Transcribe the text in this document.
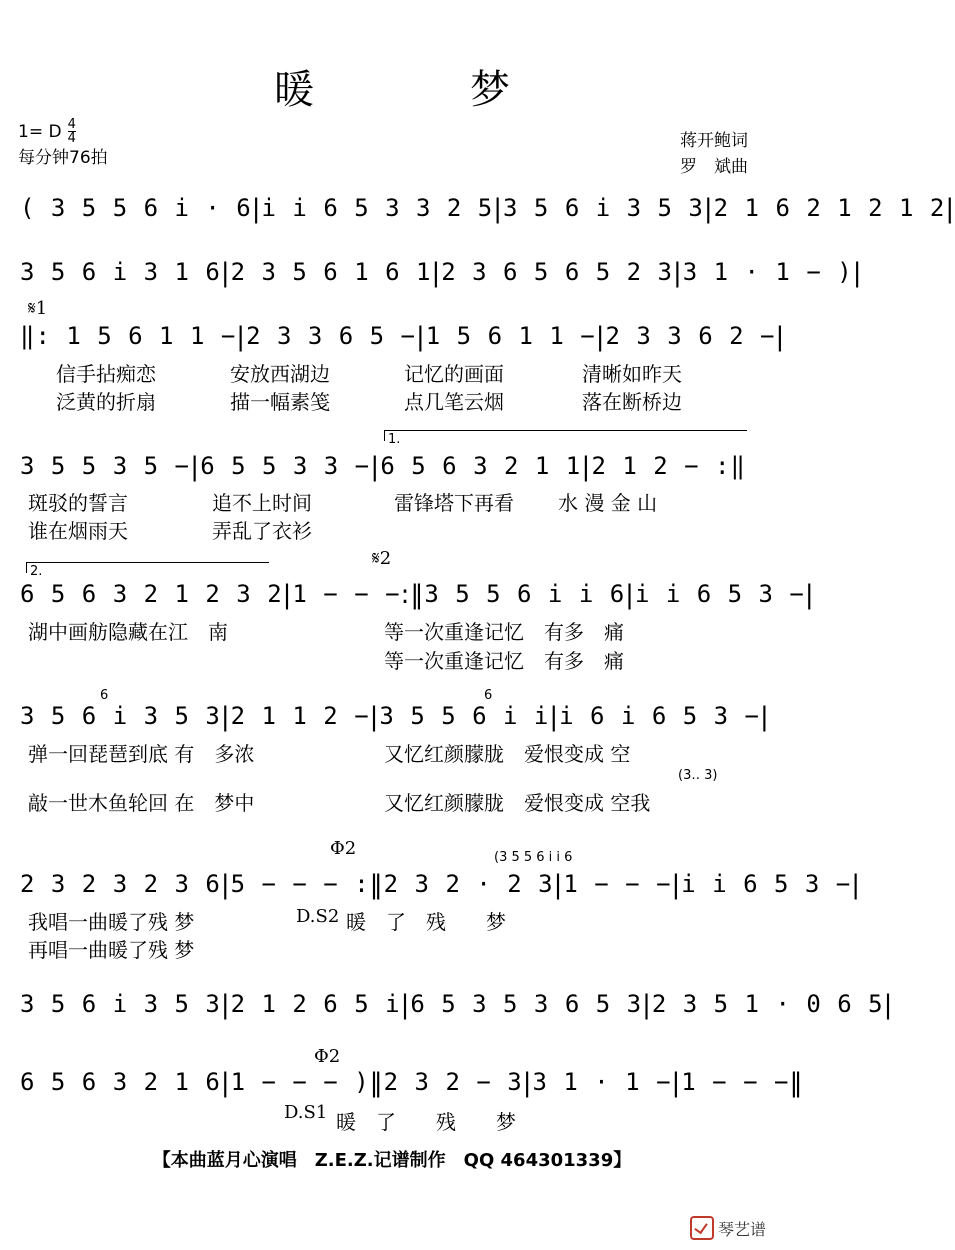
暖　梦
1= D 4
4
每分钟76拍
蒋开鲍词
罗　斌曲
( 3 5 5 6 i · 6 | i i 6 5 3 3 2 5 | 3 5 6 i 3 5 3 | 2 1 6 2 1 2 1 2 |
3 5 6 i 3 1 6 | 2 3 5 6 1 6 1 | 2 3 6 5 6 5 2 3 | 3 1 · 1 − ) |
𝄋1
‖: 1 5 6 1 1 − | 2 3 3 6 5 − | 1 5 6 1 1 − | 2 3 3 6 2 − |
信手拈痴恋	安放西湖边	记忆的画面	清晰如昨天
泛黄的折扇	描一幅素笺	点几笔云烟	落在断桥边
1.
3 5 5 3 5 − | 6 5 5 3 3 − | 6 5 6 3 2 1 1 | 2 1 2 − :‖
斑驳的誓言	追不上时间	雷锋塔下再看 水 漫 金 山
谁在烟雨天	弄乱了衣衫
2.
𝄋2
6 5 6 3 2 1 2 3 2 | 1 − − − :‖ 3 5 5 6 i i 6 | i i 6 5 3 − |
湖中画舫隐藏在江　南	等一次重逢记忆　有多　痛
等一次重逢记忆　有多　痛
6	6
3 5 6 i 3 5 3 | 2 1 1 2 − | 3 5 5 6 i i | i 6 i 6 5 3 − |
弹一回琵琶到底 有　多浓	又忆红颜朦胧　爱恨变成 空
(3‥ 3)
敲一世木鱼轮回 在　梦中	又忆红颜朦胧　爱恨变成 空我
Φ2	(3 5 5 6 i i 6
2 3 2 3 2 3 6 | 5 − − − : ‖ 2 3 2 · 2 3 | 1 − − − | i i 6 5 3 − |
我唱一曲暖了残 梦	D.S2 暖　了　残　　梦
再唱一曲暖了残 梦
3 5 6 i 3 5 3 | 2 1 2 6 5 i | 6 5 3 5 3 6 5 3 | 2 3 5 1 · 0 6 5 |
Φ2
6 5 6 3 2 1 6 | 1 − − − ) ‖ 2 3 2 − 3 | 3 1 · 1 − | 1 − − − ‖
D.S1 暖　了　　残　　梦
【本曲蓝月心演唱　Z.E.Z.记谱制作　QQ 464301339】
琴艺谱
